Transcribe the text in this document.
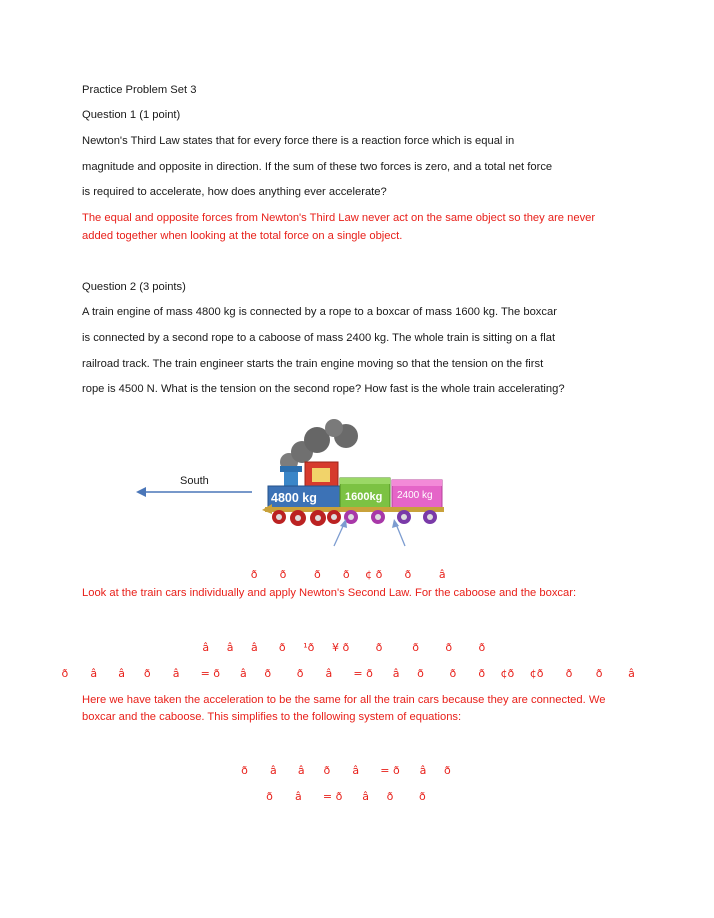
Practice Problem Set 3
Question 1 (1 point)
Newton's Third Law states that for every force there is a reaction force which is equal in
magnitude and opposite in direction. If the sum of these two forces is zero, and a total net force
is required to accelerate, how does anything ever accelerate?
The equal and opposite forces from Newton's Third Law never act on the same object so they are never
added together when looking at the total force on a single object.
Question 2 (3 points)
A train engine of mass 4800 kg is connected by a rope to a boxcar of mass 1600 kg. The boxcar
is connected by a second rope to a caboose of mass 2400 kg. The whole train is sitting on a flat
railroad track. The train engineer starts the train engine moving so that the tension on the first
rope is 4500 N. What is the tension on the second rope? How fast is the whole train accelerating?
South
4800 kg	1600kg 2400 kg
ðð ðð¢ ðð â
Look at the train cars individually and apply Newton's Second Law. For the caboose and the boxcar:
âââ ð¹ð¥ ðð ððð
ðâ â ðâ = ðâð ðâ = ðâð ðð¢ð¢ðð ð â
Here we have taken the acceleration to be the same for all the train cars because they are connected. We
boxcar and the caboose. This simplifies to the following system of equations:
ðâ â ðâ = ðâð
ðâ = ðâð ð
